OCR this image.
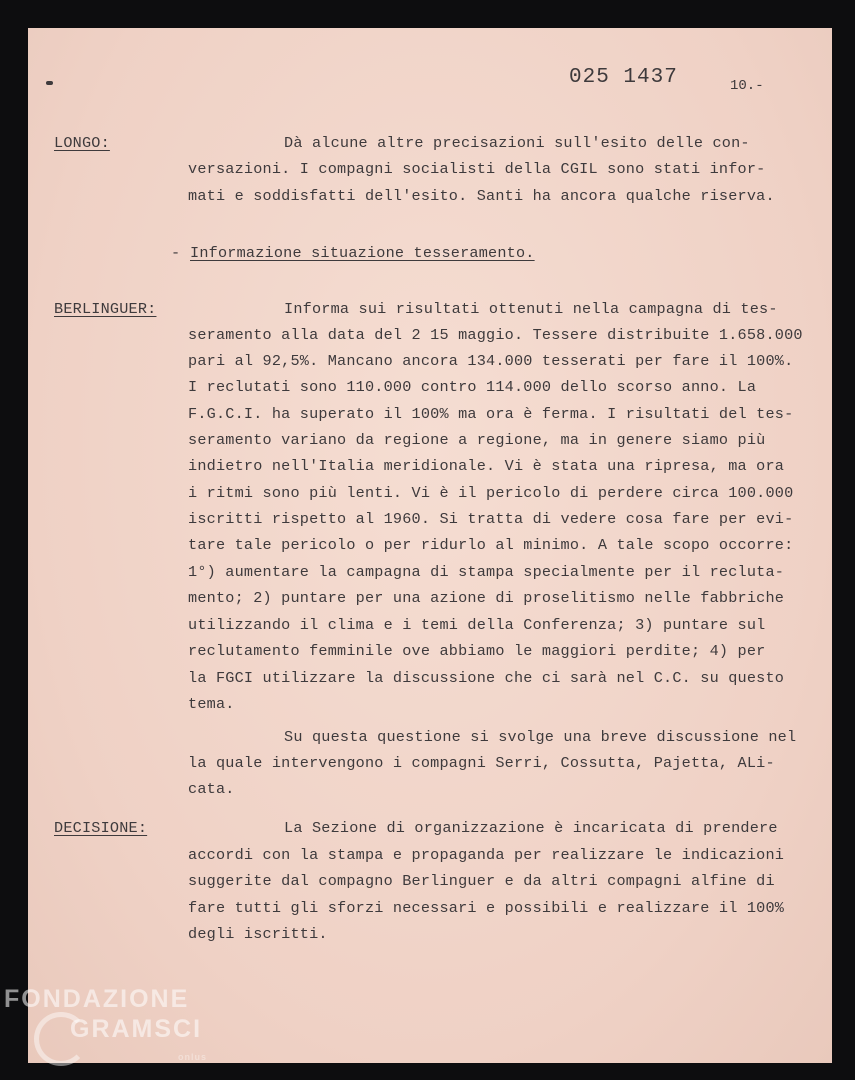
025 1437	10.-
LONGO:	Dà alcune altre precisazioni sull'esito delle con-
versazioni. I compagni socialisti della CGIL sono stati infor-
mati e soddisfatti dell'esito. Santi ha ancora qualche riserva.
- Informazione situazione tesseramento.
BERLINGUER:	Informa sui risultati ottenuti nella campagna di tes-
seramento alla data del 2 15 maggio. Tessere distribuite 1.658.000
pari al 92,5%. Mancano ancora 134.000 tesserati per fare il 100%.
I reclutati sono 110.000 contro 114.000 dello scorso anno. La
F.G.C.I. ha superato il 100% ma ora è ferma. I risultati del tes-
seramento variano da regione a regione, ma in genere siamo più
indietro nell'Italia meridionale. Vi è stata una ripresa, ma ora
i ritmi sono più lenti. Vi è il pericolo di perdere circa 100.000
iscritti rispetto al 1960. Si tratta di vedere cosa fare per evi-
tare tale pericolo o per ridurlo al minimo. A tale scopo occorre:
1°) aumentare la campagna di stampa specialmente per il recluta-
mento; 2) puntare per una azione di proselitismo nelle fabbriche
utilizzando il clima e i temi della Conferenza; 3) puntare sul
reclutamento femminile ove abbiamo le maggiori perdite; 4) per
la FGCI utilizzare la discussione che ci sarà nel C.C. su questo
tema.
Su questa questione si svolge una breve discussione nel
la quale intervengono i compagni Serri, Cossutta, Pajetta, ALi-
cata.
DECISIONE:	La Sezione di organizzazione è incaricata di prendere
accordi con la stampa e propaganda per realizzare le indicazioni
suggerite dal compagno Berlinguer e da altri compagni alfine di
fare tutti gli sforzi necessari e possibili e realizzare il 100%
degli iscritti.
FONDAZIONE
GRAMSCI
onlus
